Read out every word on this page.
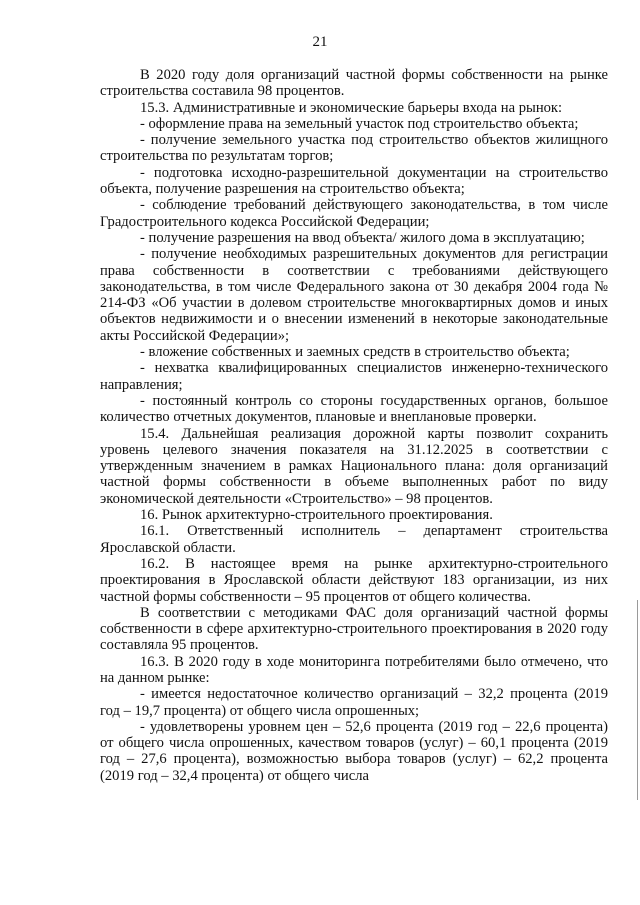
21

В 2020 году доля организаций частной формы собственности на рынке строительства составила 98 процентов.

15.3. Административные и экономические барьеры входа на рынок:

- оформление права на земельный участок под строительство объекта;

- получение земельного участка под строительство объектов жилищного строительства по результатам торгов;

- подготовка исходно-разрешительной документации на строительство объекта, получение разрешения на строительство объекта;

- соблюдение требований действующего законодательства, в том числе Градостроительного кодекса Российской Федерации;

- получение разрешения на ввод объекта/ жилого дома в эксплуатацию;

- получение необходимых разрешительных документов для регистрации права собственности в соответствии с требованиями действующего законодательства, в том числе Федерального закона от 30 декабря 2004 года № 214-ФЗ «Об участии в долевом строительстве многоквартирных домов и иных объектов недвижимости и о внесении изменений в некоторые законодательные акты Российской Федерации»;

- вложение собственных и заемных средств в строительство объекта;

- нехватка квалифицированных специалистов инженерно-технического направления;

- постоянный контроль со стороны государственных органов, большое количество отчетных документов, плановые и внеплановые проверки.

15.4. Дальнейшая реализация дорожной карты позволит сохранить уровень целевого значения показателя на 31.12.2025 в соответствии с утвержденным значением в рамках Национального плана: доля организаций частной формы собственности в объеме выполненных работ по виду экономической деятельности «Строительство» – 98 процентов.

16. Рынок архитектурно-строительного проектирования.

16.1. Ответственный исполнитель – департамент строительства Ярославской области.

16.2. В настоящее время на рынке архитектурно-строительного проектирования в Ярославской области действуют 183 организации, из них частной формы собственности – 95 процентов от общего количества.

В соответствии с методиками ФАС доля организаций частной формы собственности в сфере архитектурно-строительного проектирования в 2020 году составляла 95 процентов.

16.3. В 2020 году в ходе мониторинга потребителями было отмечено, что на данном рынке:

- имеется недостаточное количество организаций – 32,2 процента (2019 год – 19,7 процента) от общего числа опрошенных;

- удовлетворены уровнем цен – 52,6 процента (2019 год – 22,6 процента) от общего числа опрошенных, качеством товаров (услуг) – 60,1 процента (2019 год – 27,6 процента), возможностью выбора товаров (услуг) – 62,2 процента (2019 год – 32,4 процента) от общего числа
